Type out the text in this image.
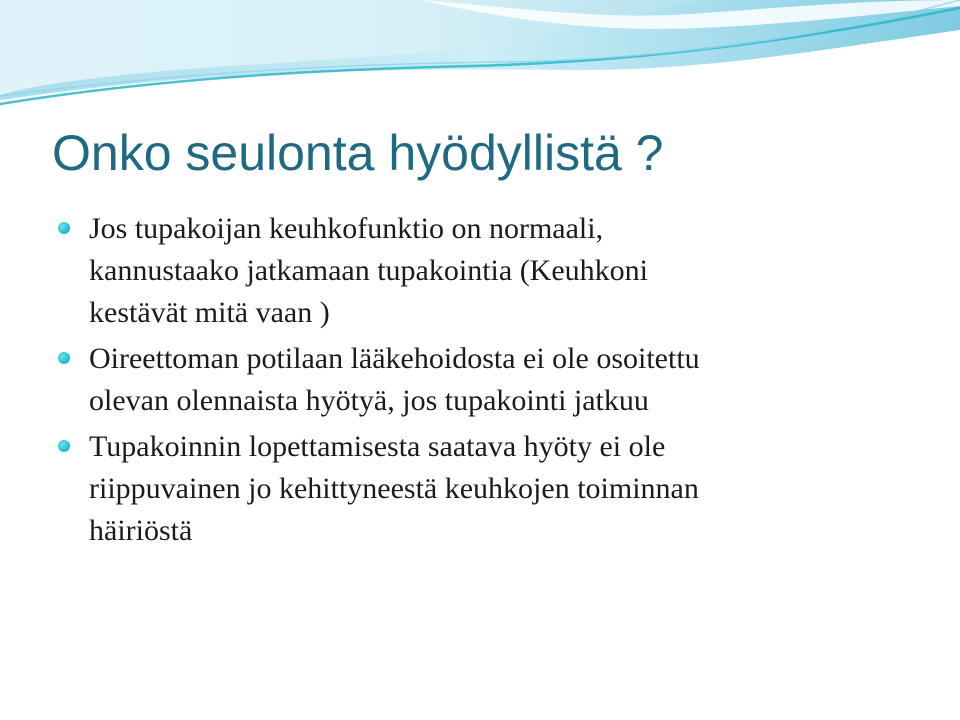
Onko seulonta hyödyllistä ?
Jos tupakoijan keuhkofunktio on normaali,
kannustaako jatkamaan tupakointia (Keuhkoni
kestävät mitä vaan )
Oireettoman potilaan lääkehoidosta ei ole osoitettu
olevan olennaista hyötyä, jos tupakointi jatkuu
Tupakoinnin lopettamisesta saatava hyöty ei ole
riippuvainen jo kehittyneestä keuhkojen toiminnan
häiriöstä
